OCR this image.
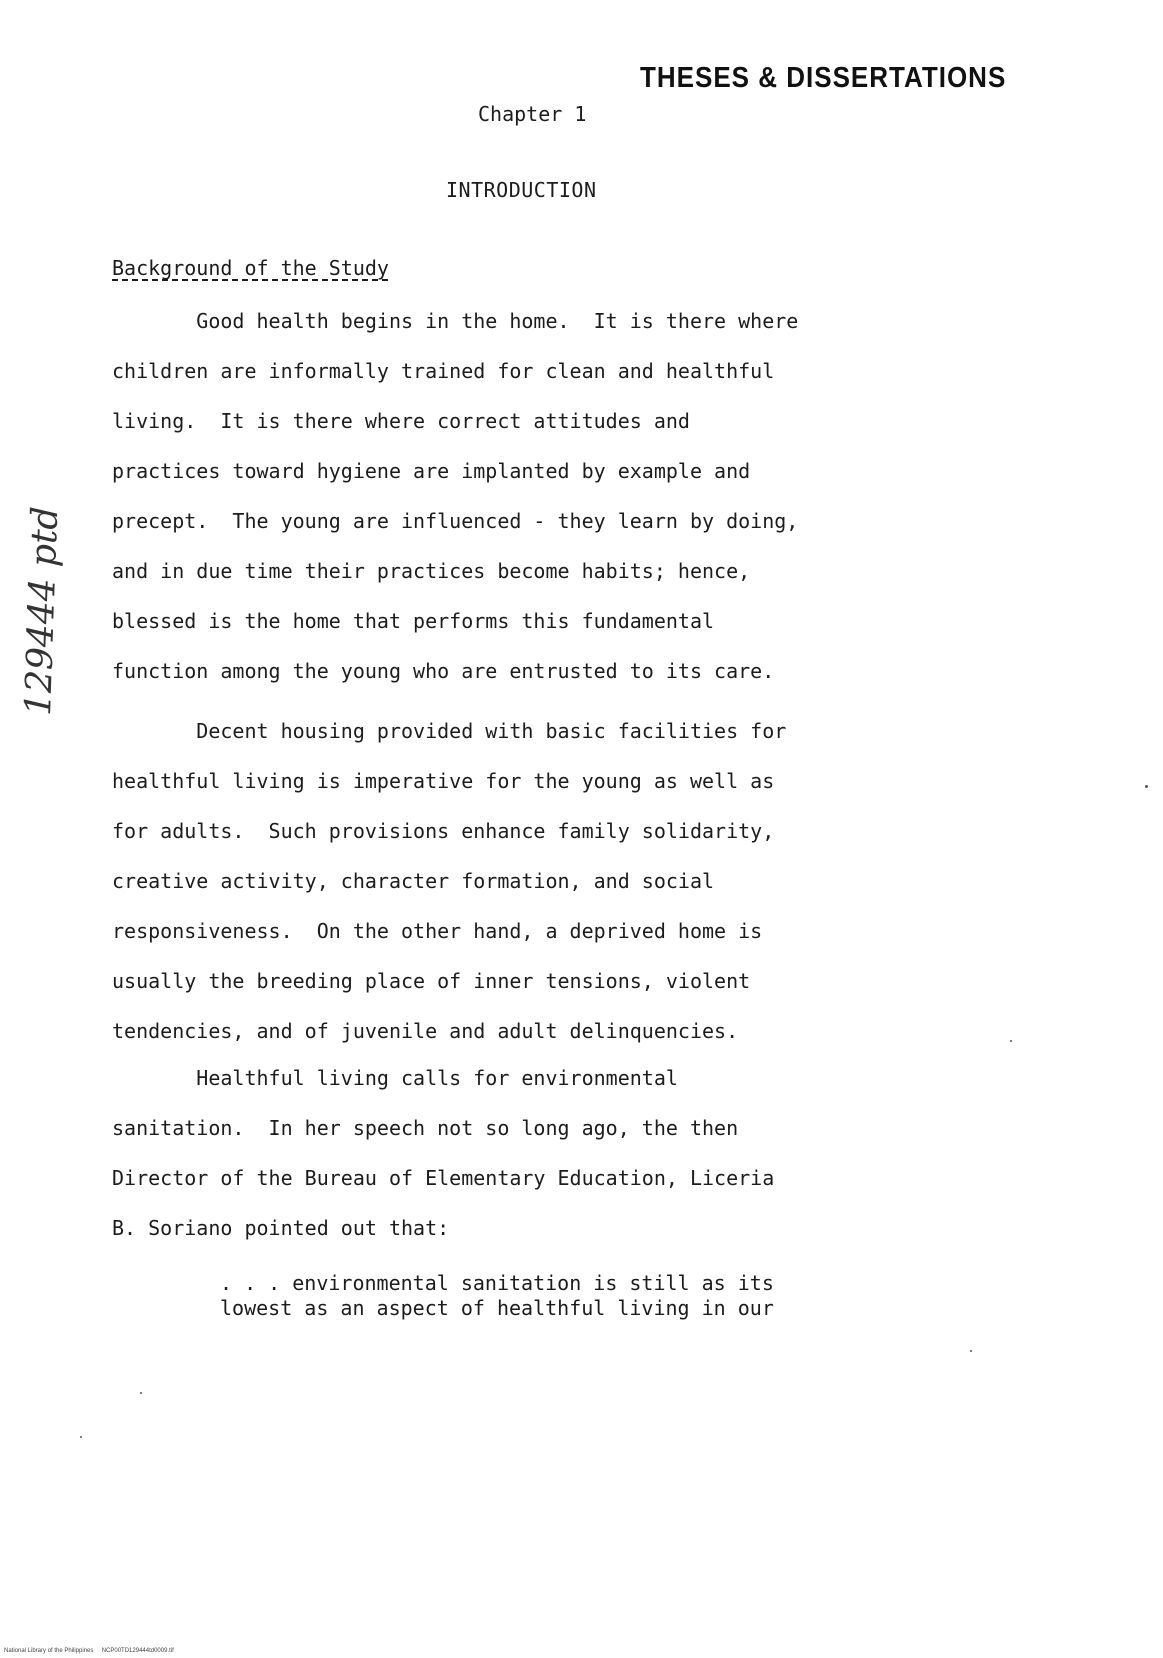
THESES & DISSERTATIONS
Chapter 1
INTRODUCTION
Background of the Study
Good health begins in the home.  It is there where
children are informally trained for clean and healthful
living.  It is there where correct attitudes and
practices toward hygiene are implanted by example and
precept.  The young are influenced - they learn by doing,
and in due time their practices become habits; hence,
blessed is the home that performs this fundamental
function among the young who are entrusted to its care.
Decent housing provided with basic facilities for
healthful living is imperative for the young as well as
for adults.  Such provisions enhance family solidarity,
creative activity, character formation, and social
responsiveness.  On the other hand, a deprived home is
usually the breeding place of inner tensions, violent
tendencies, and of juvenile and adult delinquencies.
Healthful living calls for environmental
sanitation.  In her speech not so long ago, the then
Director of the Bureau of Elementary Education, Liceria
B. Soriano pointed out that:
. . . environmental sanitation is still as its
lowest as an aspect of healthful living in our
129444 ptd
National Library of the Philippines     NCP00TD129444td0009.tif
